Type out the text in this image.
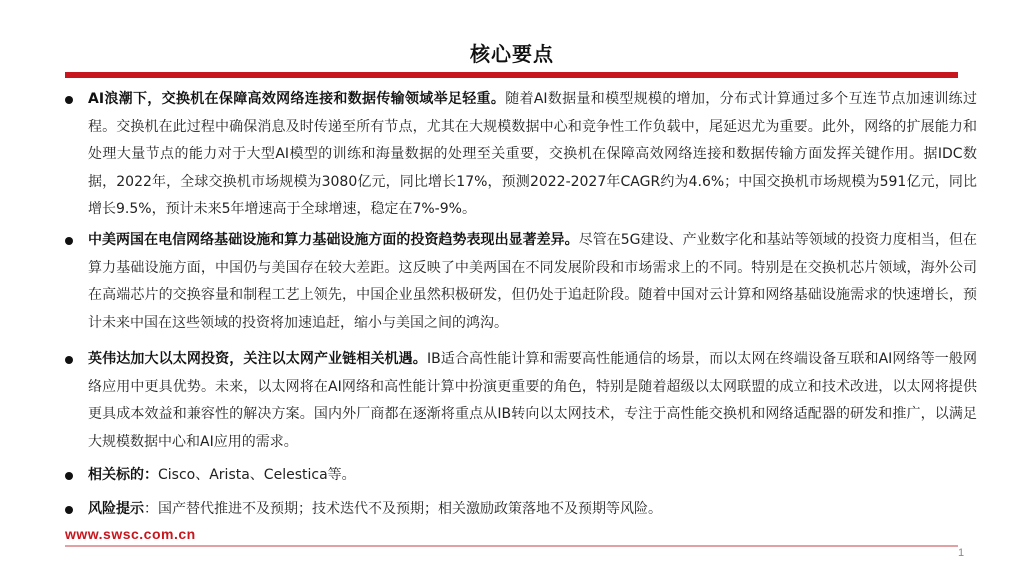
核心要点
AI浪潮下，交换机在保障高效网络连接和数据传输领域举足轻重。随着AI数据量和模型规模的增加，分布式计算通过多个互连节点加速训练过程。交换机在此过程中确保消息及时传递至所有节点，尤其在大规模数据中心和竞争性工作负载中，尾延迟尤为重要。此外，网络的扩展能力和处理大量节点的能力对于大型AI模型的训练和海量数据的处理至关重要，交换机在保障高效网络连接和数据传输方面发挥关键作用。据IDC数据，2022年，全球交换机市场规模为3080亿元，同比增长17%，预测2022-2027年CAGR约为4.6%；中国交换机市场规模为591亿元，同比增长9.5%，预计未来5年增速高于全球增速，稳定在7%-9%。
中美两国在电信网络基础设施和算力基础设施方面的投资趋势表现出显著差异。尽管在5G建设、产业数字化和基站等领域的投资力度相当，但在算力基础设施方面，中国仍与美国存在较大差距。这反映了中美两国在不同发展阶段和市场需求上的不同。特别是在交换机芯片领域，海外公司在高端芯片的交换容量和制程工艺上领先，中国企业虽然积极研发，但仍处于追赶阶段。随着中国对云计算和网络基础设施需求的快速增长，预计未来中国在这些领域的投资将加速追赶，缩小与美国之间的鸿沟。
英伟达加大以太网投资，关注以太网产业链相关机遇。IB适合高性能计算和需要高性能通信的场景，而以太网在终端设备互联和AI网络等一般网络应用中更具优势。未来，以太网将在AI网络和高性能计算中扮演更重要的角色，特别是随着超级以太网联盟的成立和技术改进，以太网将提供更具成本效益和兼容性的解决方案。国内外厂商都在逐渐将重点从IB转向以太网技术，专注于高性能交换机和网络适配器的研发和推广，以满足大规模数据中心和AI应用的需求。
相关标的：Cisco、Arista、Celestica等。
风险提示：国产替代推进不及预期；技术迭代不及预期；相关激励政策落地不及预期等风险。
www.swsc.com.cn
1
